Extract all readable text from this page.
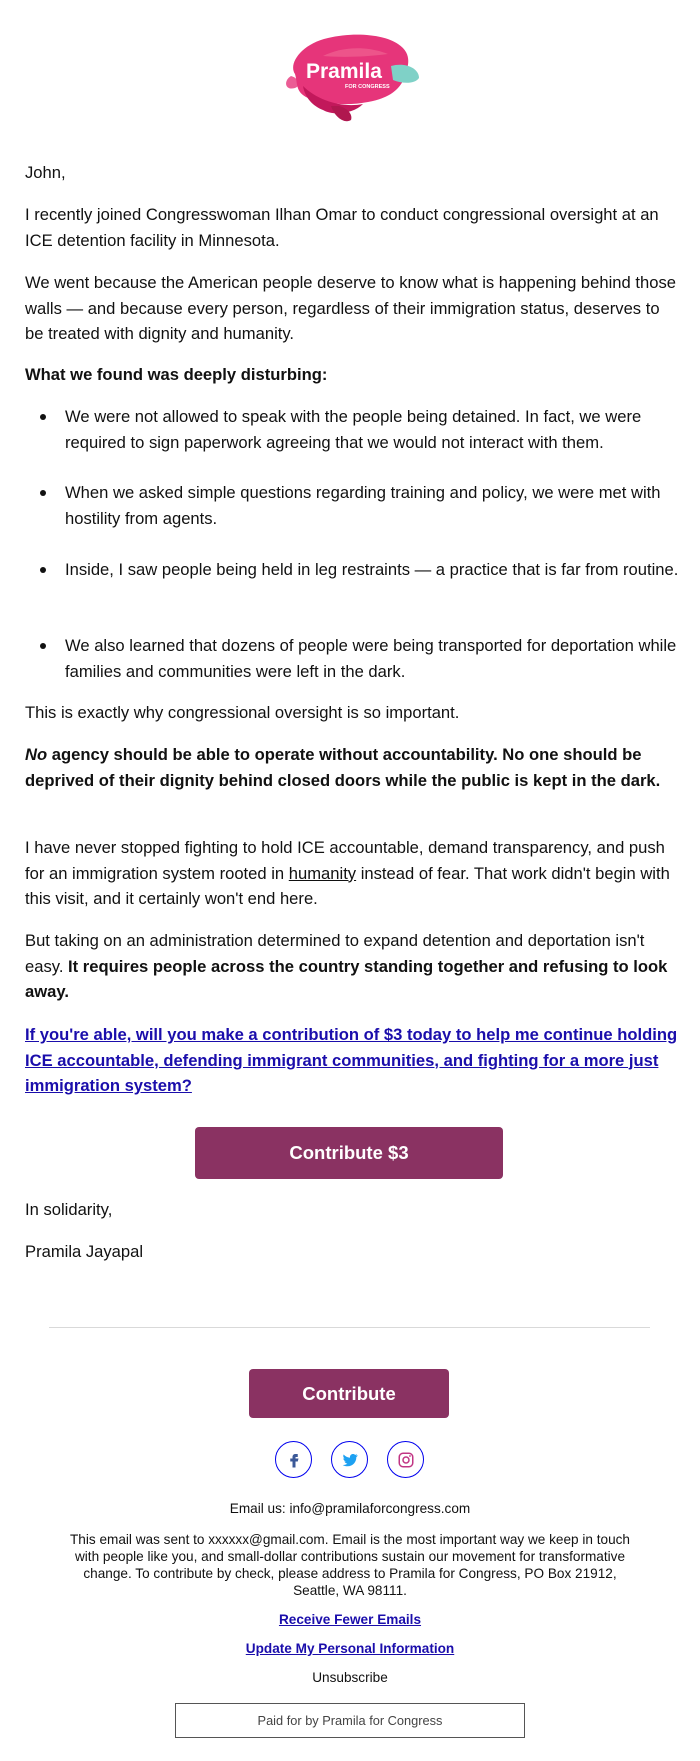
Pramila
FOR CONGRESS

John,

I recently joined Congresswoman Ilhan Omar to conduct congressional oversight at an ICE detention facility in Minnesota.

We went because the American people deserve to know what is happening behind those walls — and because every person, regardless of their immigration status, deserves to be treated with dignity and humanity.

What we found was deeply disturbing:

We were not allowed to speak with the people being detained. In fact, we were required to sign paperwork agreeing that we would not interact with them.
When we asked simple questions regarding training and policy, we were met with hostility from agents.
Inside, I saw people being held in leg restraints — a practice that is far from routine.
We also learned that dozens of people were being transported for deportation while families and communities were left in the dark.

This is exactly why congressional oversight is so important.

No agency should be able to operate without accountability. No one should be deprived of their dignity behind closed doors while the public is kept in the dark.

I have never stopped fighting to hold ICE accountable, demand transparency, and push for an immigration system rooted in humanity instead of fear. That work didn't begin with this visit, and it certainly won't end here.

But taking on an administration determined to expand detention and deportation isn't easy. It requires people across the country standing together and refusing to look away.

If you're able, will you make a contribution of $3 today to help me continue holding ICE accountable, defending immigrant communities, and fighting for a more just immigration system?

Contribute $3

In solidarity,

Pramila Jayapal

Contribute

Email us: info@pramilaforcongress.com

This email was sent to xxxxxx@gmail.com. Email is the most important way we keep in touch with people like you, and small-dollar contributions sustain our movement for transformative change. To contribute by check, please address to Pramila for Congress, PO Box 21912, Seattle, WA 98111.

Receive Fewer Emails

Update My Personal Information

Unsubscribe

Paid for by Pramila for Congress
